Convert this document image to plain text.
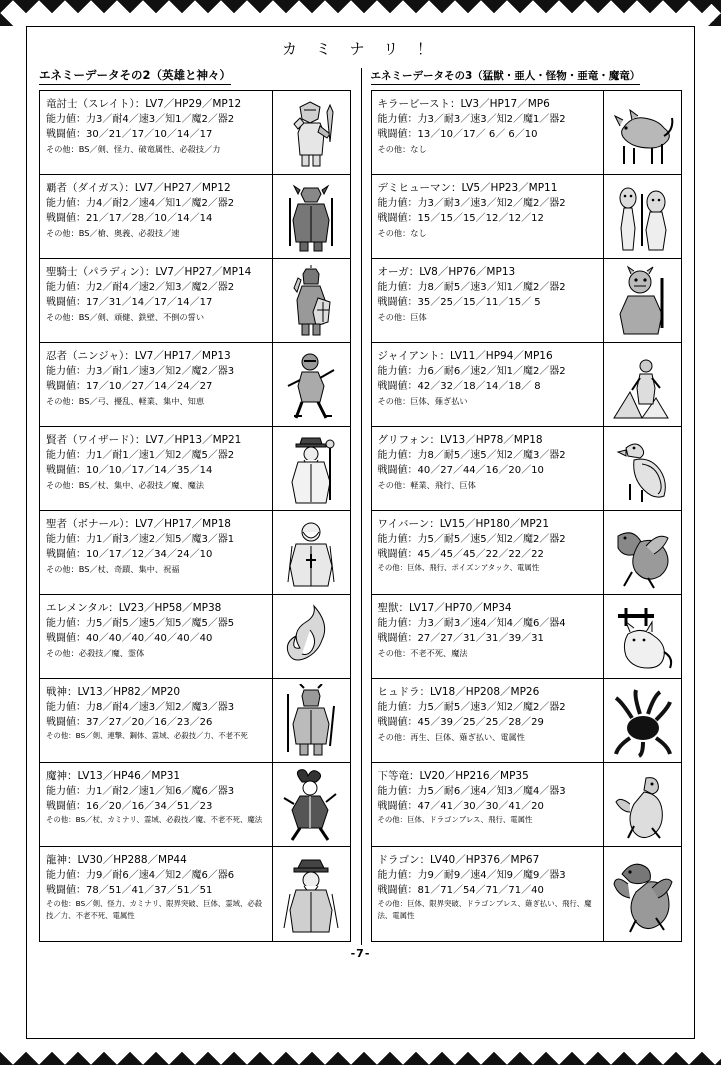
カ ミ ナ リ ！
エネミーデータその2（英雄と神々）
竜討士（スレイト）：LV7／HP29／MP12
能力値：力3／耐4／速3／知1／魔2／器2
戦闘値：30／21／17／10／14／17
その他：BS／剣、怪力、破竜属性、必殺技／力
覇者（ダイガス）：LV7／HP27／MP12
能力値：力4／耐2／速4／知1／魔2／器2
戦闘値：21／17／28／10／14／14
その他：BS／槍、奥義、必殺技／速
聖騎士（パラディン）：LV7／HP27／MP14
能力値：力2／耐4／速2／知3／魔2／器2
戦闘値：17／31／14／17／14／17
その他：BS／剣、頑健、鉄壁、不倒の誓い
忍者（ニンジャ）：LV7／HP17／MP13
能力値：力3／耐1／速3／知2／魔2／器3
戦闘値：17／10／27／14／24／27
その他：BS／弓、擾乱、軽業、集中、知恵
賢者（ワイザード）：LV7／HP13／MP21
能力値：力1／耐1／速1／知2／魔5／器2
戦闘値：10／10／17／14／35／14
その他：BS／杖、集中、必殺技／魔、魔法
聖者（ボナール）：LV7／HP17／MP18
能力値：力1／耐3／速2／知5／魔3／器1
戦闘値：10／17／12／34／24／10
その他：BS／杖、奇蹟、集中、祝福
エレメンタル：LV23／HP58／MP38
能力値：力5／耐5／速5／知5／魔5／器5
戦闘値：40／40／40／40／40／40
その他：必殺技／魔、霊体
戦神：LV13／HP82／MP20
能力値：力8／耐4／速3／知2／魔3／器3
戦闘値：37／27／20／16／23／26
その他：BS／剣、連撃、鋼体、霊域、必殺技／力、不老不死
魔神：LV13／HP46／MP31
能力値：力1／耐2／速1／知6／魔6／器3
戦闘値：16／20／16／34／51／23
その他：BS／杖、カミナリ、霊域、必殺技／魔、不老不死、魔法
龍神：LV30／HP288／MP44
能力値：力9／耐6／速4／知2／魔6／器6
戦闘値：78／51／41／37／51／51
その他：BS／剣、怪力、カミナリ、限界突破、巨体、霊域、必殺技／力、不老不死、電属性
エネミーデータその3（猛獣・亜人・怪物・亜竜・魔竜）
キラービースト：LV3／HP17／MP6
能力値：力3／耐3／速3／知2／魔1／器2
戦闘値：13／10／17／ 6／ 6／10
その他：なし
デミヒューマン：LV5／HP23／MP11
能力値：力3／耐3／速3／知2／魔2／器2
戦闘値：15／15／15／12／12／12
その他：なし
オーガ：LV8／HP76／MP13
能力値：力8／耐5／速3／知1／魔2／器2
戦闘値：35／25／15／11／15／ 5
その他：巨体
ジャイアント：LV11／HP94／MP16
能力値：力6／耐6／速2／知1／魔2／器2
戦闘値：42／32／18／14／18／ 8
その他：巨体、薙ぎ払い
グリフォン：LV13／HP78／MP18
能力値：力8／耐5／速5／知2／魔3／器2
戦闘値：40／27／44／16／20／10
その他：軽業、飛行、巨体
ワイバーン：LV15／HP180／MP21
能力値：力5／耐5／速5／知2／魔2／器2
戦闘値：45／45／45／22／22／22
その他：巨体、飛行、ポイズンアタック、電属性
聖獣：LV17／HP70／MP34
能力値：力3／耐3／速4／知4／魔6／器4
戦闘値：27／27／31／31／39／31
その他：不老不死、魔法
ヒュドラ：LV18／HP208／MP26
能力値：力5／耐5／速3／知2／魔2／器2
戦闘値：45／39／25／25／28／29
その他：再生、巨体、薙ぎ払い、電属性
下等竜：LV20／HP216／MP35
能力値：力5／耐6／速4／知3／魔4／器3
戦闘値：47／41／30／30／41／20
その他：巨体、ドラゴンブレス、飛行、電属性
ドラゴン：LV40／HP376／MP67
能力値：力9／耐9／速4／知9／魔9／器3
戦闘値：81／71／54／71／71／40
その他：巨体、限界突破、ドラゴンブレス、薙ぎ払い、飛行、魔法、電属性
-7-
